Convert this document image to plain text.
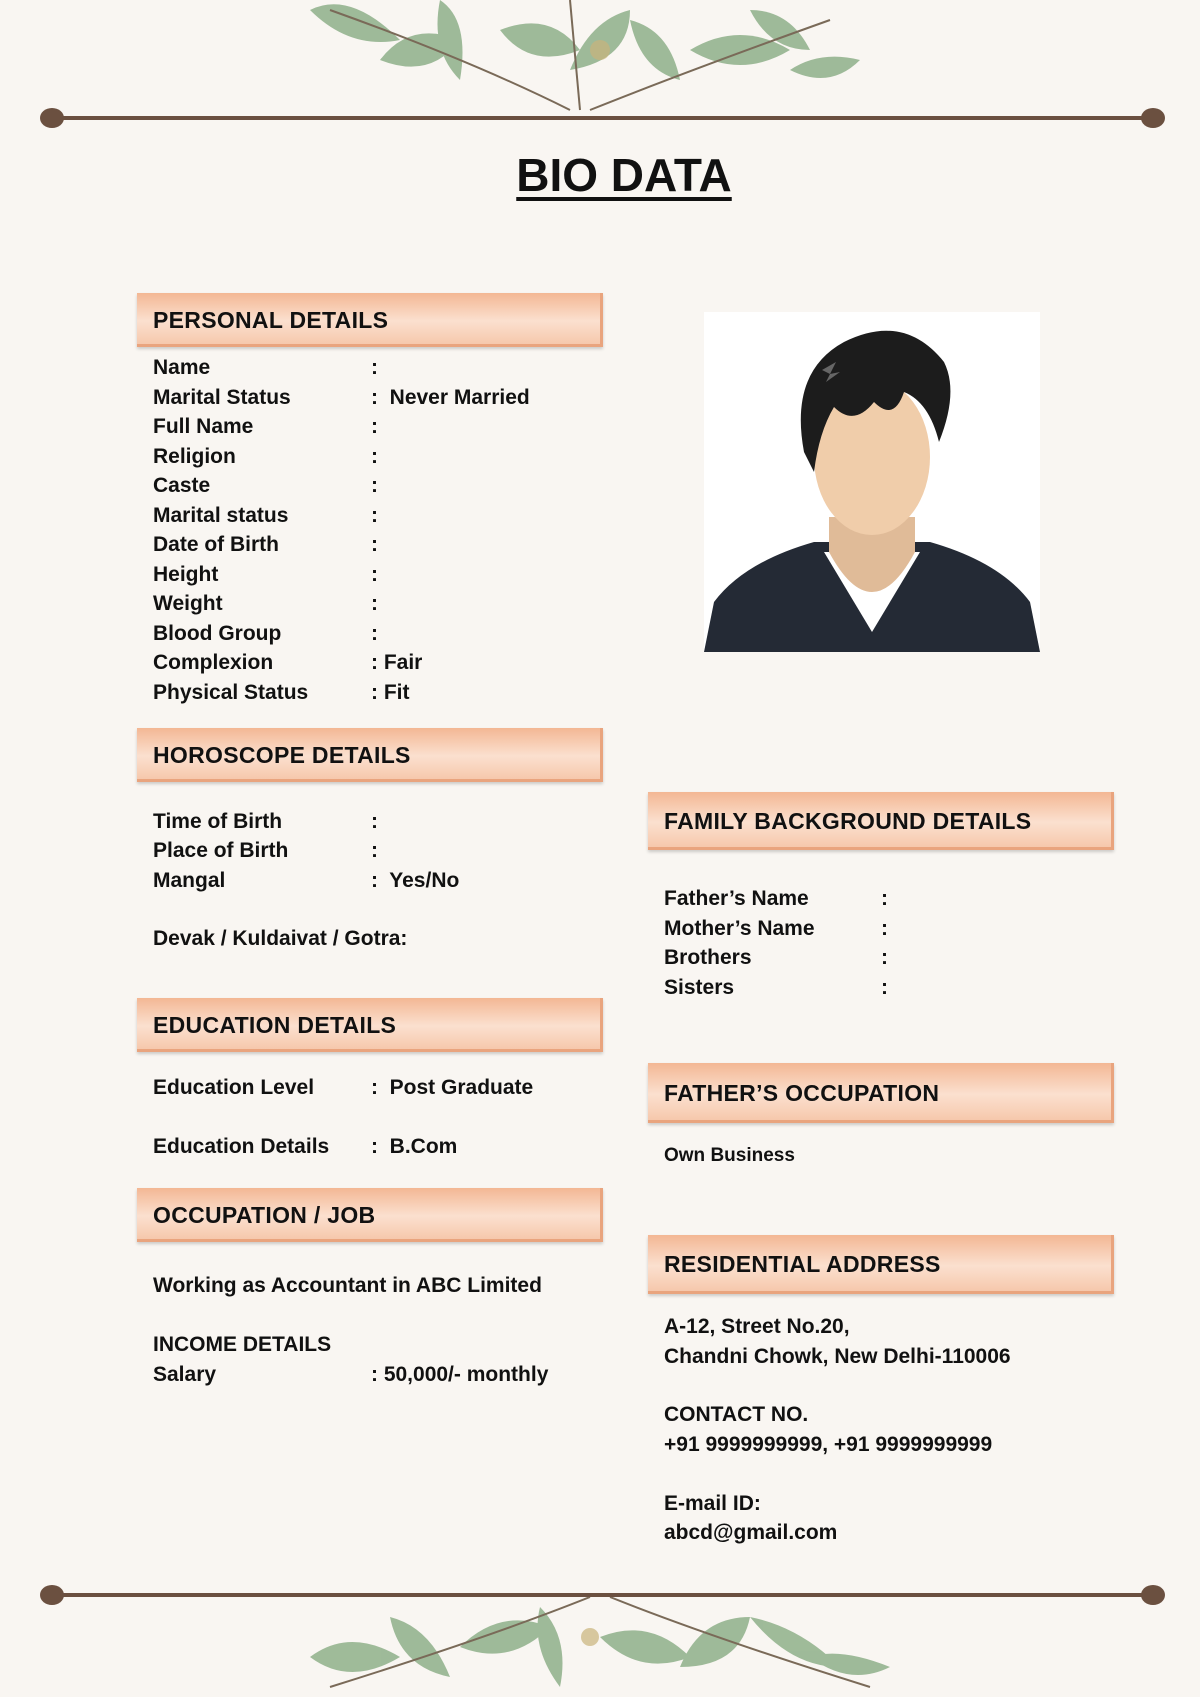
BIO DATA
PERSONAL DETAILS
Name	:
Marital Status	:  Never Married
Full Name	:
Religion	:
Caste	:
Marital status	:
Date of Birth	:
Height	:
Weight	:
Blood Group	:
Complexion	: Fair
Physical Status	: Fit
HOROSCOPE DETAILS
Time of Birth	:
Place of Birth	:
Mangal	:  Yes/No
Devak / Kuldaivat / Gotra:
EDUCATION DETAILS
Education Level	:  Post Graduate
Education Details :  B.Com
OCCUPATION / JOB
Working as Accountant in ABC Limited
INCOME DETAILS
Salary	: 50,000/- monthly
FAMILY BACKGROUND DETAILS
Father’s Name	:
Mother’s Name	:
Brothers	:
Sisters	:
FATHER’S OCCUPATION
Own Business
RESIDENTIAL ADDRESS
A-12, Street No.20,
Chandni Chowk, New Delhi-110006
CONTACT NO.
+91 9999999999, +91 9999999999
E-mail ID:
abcd@gmail.com
